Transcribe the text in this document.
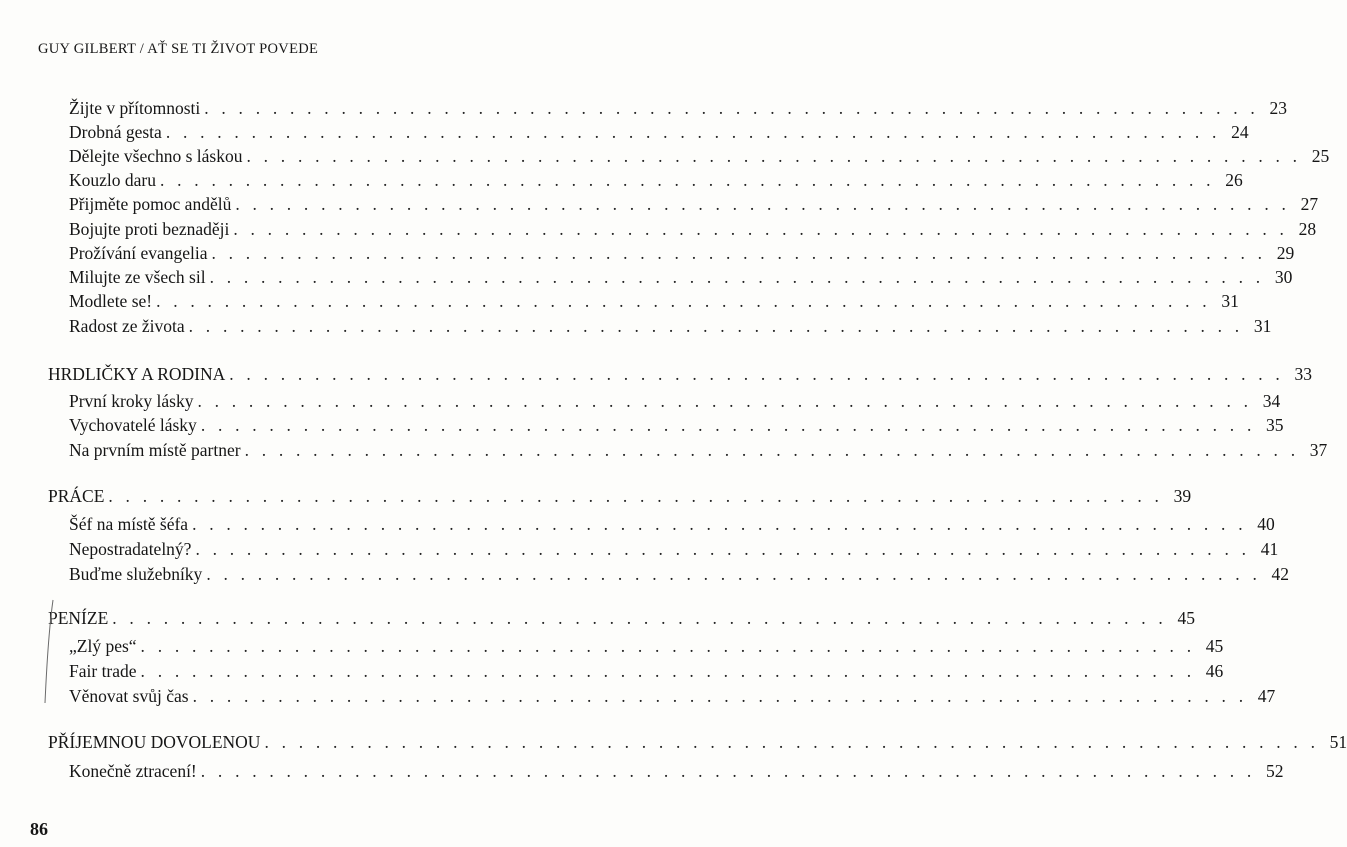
GUY GILBERT / AŤ SE TI ŽIVOT POVEDE
Žijte v přítomnosti . . . . . . . . . . . . . . . . . . . . . . . . . . . . . . . . . . . . . . . . . . . . . . . . . . . . . . . . . . . . . . 23
Drobná gesta . . . . . . . . . . . . . . . . . . . . . . . . . . . . . . . . . . . . . . . . . . . . . . . . . . . . . . . . . . . . . . 24
Dělejte všechno s láskou . . . . . . . . . . . . . . . . . . . . . . . . . . . . . . . . . . . . . . . . . . . . . . . . . . . . . . . . . . . . . . 25
Kouzlo daru . . . . . . . . . . . . . . . . . . . . . . . . . . . . . . . . . . . . . . . . . . . . . . . . . . . . . . . . . . . . . . 26
Přijměte pomoc andělů . . . . . . . . . . . . . . . . . . . . . . . . . . . . . . . . . . . . . . . . . . . . . . . . . . . . . . . . . . . . . . 27
Bojujte proti beznaději . . . . . . . . . . . . . . . . . . . . . . . . . . . . . . . . . . . . . . . . . . . . . . . . . . . . . . . . . . . . . . 28
Prožívání evangelia . . . . . . . . . . . . . . . . . . . . . . . . . . . . . . . . . . . . . . . . . . . . . . . . . . . . . . . . . . . . . . 29
Milujte ze všech sil . . . . . . . . . . . . . . . . . . . . . . . . . . . . . . . . . . . . . . . . . . . . . . . . . . . . . . . . . . . . . . 30
Modlete se! . . . . . . . . . . . . . . . . . . . . . . . . . . . . . . . . . . . . . . . . . . . . . . . . . . . . . . . . . . . . . . 31
Radost ze života . . . . . . . . . . . . . . . . . . . . . . . . . . . . . . . . . . . . . . . . . . . . . . . . . . . . . . . . . . . . . . 31
HRDLIČKY A RODINA . . . . . . . . . . . . . . . . . . . . . . . . . . . . . . . . . . . . . . . . . . . . . . . . . . . . . . . . . . . . . . 33
První kroky lásky . . . . . . . . . . . . . . . . . . . . . . . . . . . . . . . . . . . . . . . . . . . . . . . . . . . . . . . . . . . . . . 34
Vychovatelé lásky . . . . . . . . . . . . . . . . . . . . . . . . . . . . . . . . . . . . . . . . . . . . . . . . . . . . . . . . . . . . . . 35
Na prvním místě partner . . . . . . . . . . . . . . . . . . . . . . . . . . . . . . . . . . . . . . . . . . . . . . . . . . . . . . . . . . . . . . 37
PRÁCE . . . . . . . . . . . . . . . . . . . . . . . . . . . . . . . . . . . . . . . . . . . . . . . . . . . . . . . . . . . . . . 39
Šéf na místě šéfa . . . . . . . . . . . . . . . . . . . . . . . . . . . . . . . . . . . . . . . . . . . . . . . . . . . . . . . . . . . . . . 40
Nepostradatelný? . . . . . . . . . . . . . . . . . . . . . . . . . . . . . . . . . . . . . . . . . . . . . . . . . . . . . . . . . . . . . . 41
Buďme služebníky . . . . . . . . . . . . . . . . . . . . . . . . . . . . . . . . . . . . . . . . . . . . . . . . . . . . . . . . . . . . . . 42
PENÍZE . . . . . . . . . . . . . . . . . . . . . . . . . . . . . . . . . . . . . . . . . . . . . . . . . . . . . . . . . . . . . . 45
„Zlý pes“ . . . . . . . . . . . . . . . . . . . . . . . . . . . . . . . . . . . . . . . . . . . . . . . . . . . . . . . . . . . . . . 45
Fair trade . . . . . . . . . . . . . . . . . . . . . . . . . . . . . . . . . . . . . . . . . . . . . . . . . . . . . . . . . . . . . . 46
Věnovat svůj čas . . . . . . . . . . . . . . . . . . . . . . . . . . . . . . . . . . . . . . . . . . . . . . . . . . . . . . . . . . . . . . 47
PŘÍJEMNOU DOVOLENOU . . . . . . . . . . . . . . . . . . . . . . . . . . . . . . . . . . . . . . . . . . . . . . . . . . . . . . . . . . . . . . 51
Konečně ztracení! . . . . . . . . . . . . . . . . . . . . . . . . . . . . . . . . . . . . . . . . . . . . . . . . . . . . . . . . . . . . . . 52
86
